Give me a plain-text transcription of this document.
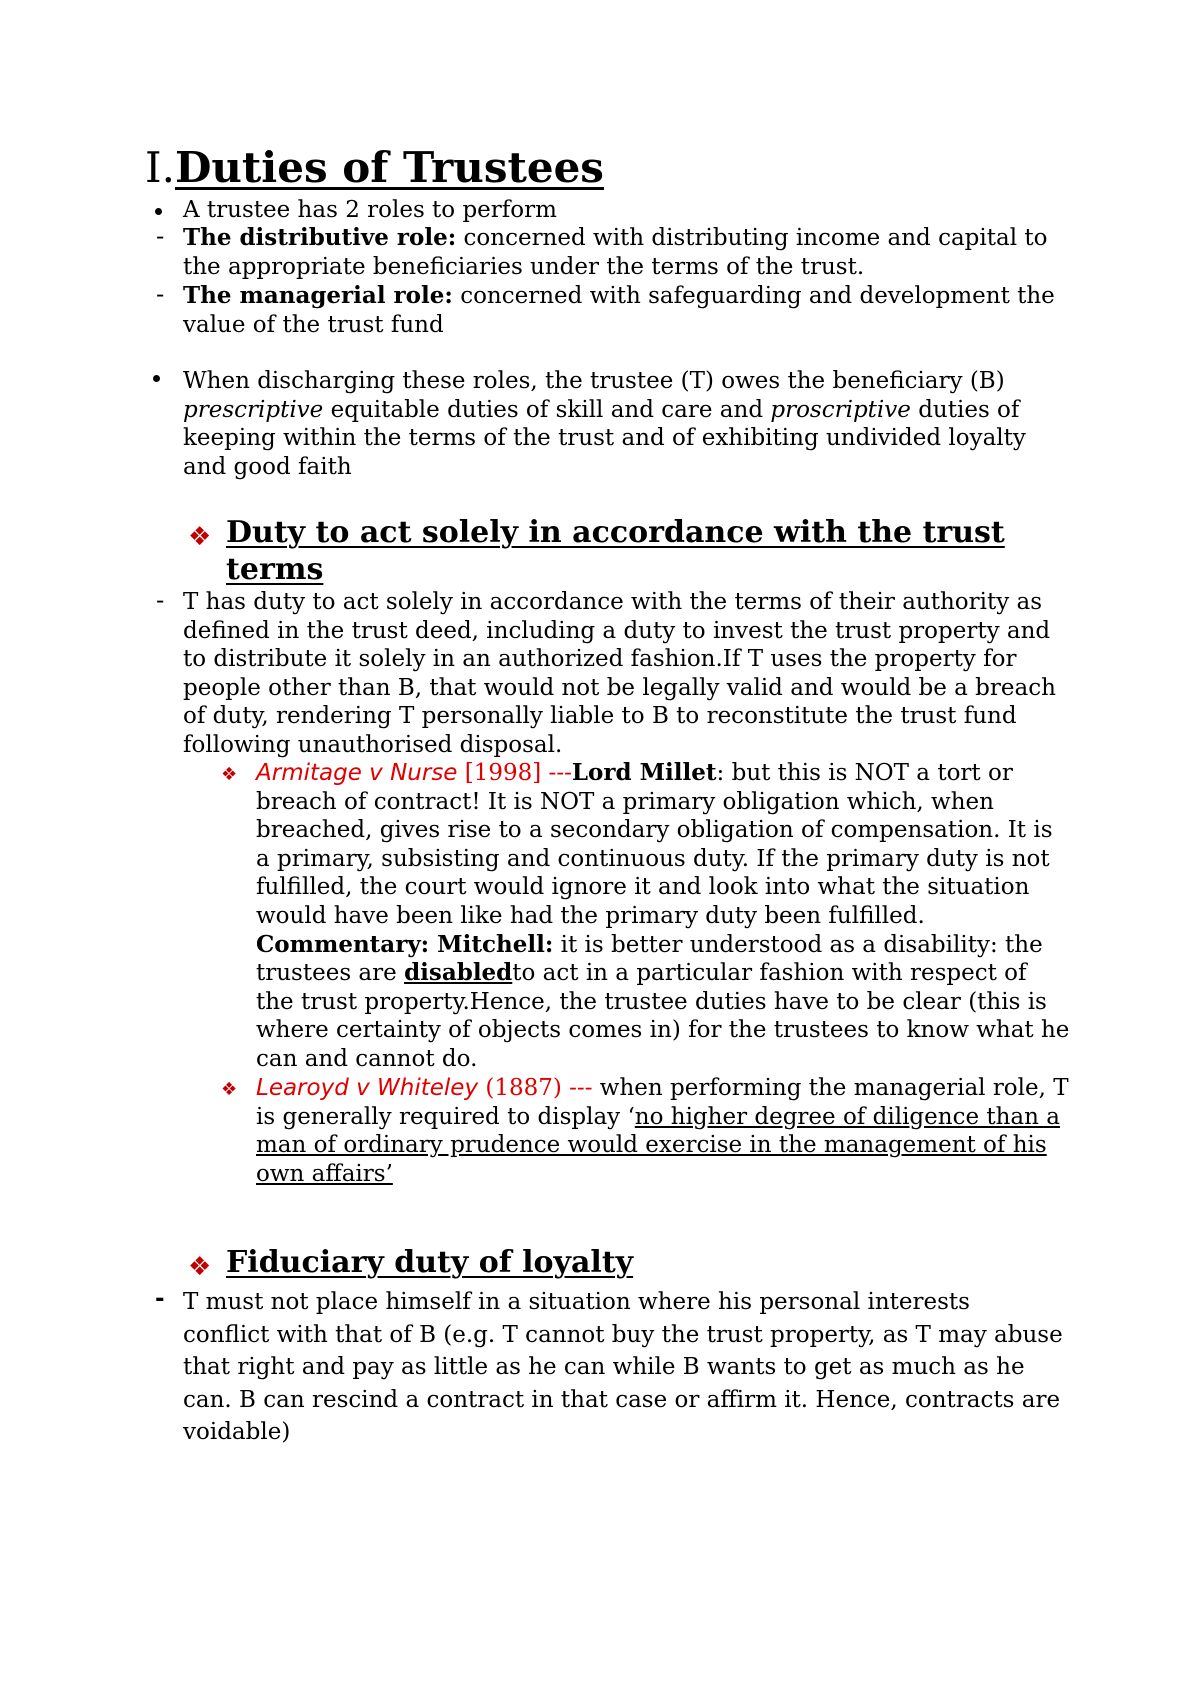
I.Duties of Trustees
A trustee has 2 roles to perform
- The distributive role: concerned with distributing income and capital to the appropriate beneficiaries under the terms of the trust.
- The managerial role: concerned with safeguarding and development the value of the trust fund
When discharging these roles, the trustee (T) owes the beneficiary (B) prescriptive equitable duties of skill and care and proscriptive duties of keeping within the terms of the trust and of exhibiting undivided loyalty and good faith
❖ Duty to act solely in accordance with the trust terms
- T has duty to act solely in accordance with the terms of their authority as defined in the trust deed, including a duty to invest the trust property and to distribute it solely in an authorized fashion.If T uses the property for people other than B, that would not be legally valid and would be a breach of duty, rendering T personally liable to B to reconstitute the trust fund following unauthorised disposal.
❖ Armitage v Nurse [1998] ---Lord Millet: but this is NOT a tort or breach of contract! It is NOT a primary obligation which, when breached, gives rise to a secondary obligation of compensation. It is a primary, subsisting and continuous duty. If the primary duty is not fulfilled, the court would ignore it and look into what the situation would have been like had the primary duty been fulfilled. Commentary: Mitchell: it is better understood as a disability: the trustees are disabledto act in a particular fashion with respect of the trust property.Hence, the trustee duties have to be clear (this is where certainty of objects comes in) for the trustees to know what he can and cannot do.
❖ Learoyd v Whiteley (1887) --- when performing the managerial role, T is generally required to display ‘no higher degree of diligence than a man of ordinary prudence would exercise in the management of his own affairs’
❖ Fiduciary duty of loyalty
- T must not place himself in a situation where his personal interests conflict with that of B (e.g. T cannot buy the trust property, as T may abuse that right and pay as little as he can while B wants to get as much as he can. B can rescind a contract in that case or affirm it. Hence, contracts are voidable)
